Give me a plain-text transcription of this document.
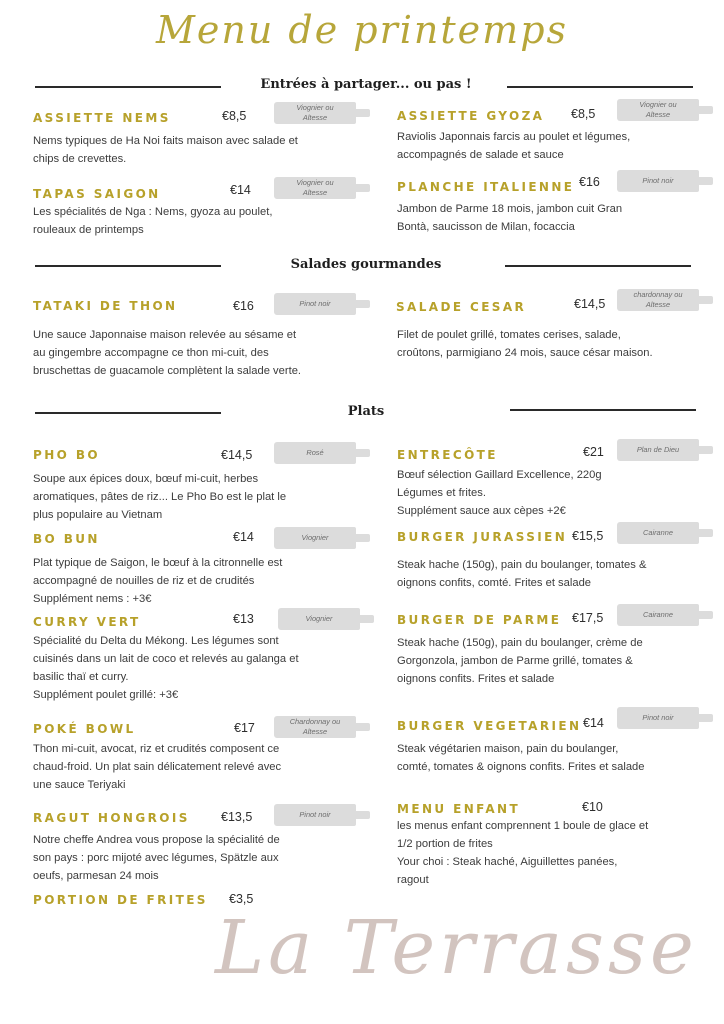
Menu de printemps
Entrées à partager... ou pas !
ASSIETTE NEMS	€8,5
Viognier ou
Altesse
Nems typiques de Ha Noi faits maison avec salade et
chips de crevettes.
ASSIETTE GYOZA €8,5
Viognier ou
Altesse
Raviolis Japonnais farcis au poulet et légumes,
accompagnés de salade et sauce
TAPAS SAIGON	€14
Viognier ou
Altesse
Les spécialités de Nga : Nems, gyoza au poulet,
rouleaux de printemps
PLANCHE ITALIENNE €16	Pinot noir
Jambon de Parme 18 mois, jambon cuit Gran
Bontà, saucisson de Milan, focaccia
Salades gourmandes
TATAKI DE THON	€16	Pinot noir
Une sauce Japonnaise maison relevée au sésame et
au gingembre accompagne ce thon mi-cuit, des
bruschettas de guacamole complètent la salade verte.
SALADE CESAR	€14,5
chardonnay ou
Altesse
Filet de poulet grillé, tomates cerises, salade,
croûtons, parmigiano 24 mois, sauce césar maison.
Plats
PHO BO	€14,5	Rosé
Soupe aux épices doux, bœuf mi-cuit, herbes
aromatiques, pâtes de riz... Le Pho Bo est le plat le
plus populaire au Vietnam
ENTRECÔTE	€21	Plan de Dieu
Bœuf sélection Gaillard Excellence, 220g
Légumes et frites.
Supplément sauce aux cèpes +2€
BO BUN	€14	Viognier
Plat typique de Saigon, le bœuf à la citronnelle est
accompagné de nouilles de riz et de crudités
Supplément nems : +3€
BURGER JURASSIEN €15,5	Cairanne
Steak hache (150g), pain du boulanger, tomates &
oignons confits, comté. Frites et salade
CURRY VERT	€13	Viognier
Spécialité du Delta du Mékong. Les légumes sont
cuisinés dans un lait de coco et relevés au galanga et
basilic thaï et curry.
Supplément poulet grillé: +3€
BURGER DE PARME €17,5	Cairanne
Steak hache (150g), pain du boulanger, crème de
Gorgonzola, jambon de Parme grillé, tomates &
oignons confits. Frites et salade
POKÉ BOWL	€17	Chardonnay ou
Altesse
Thon mi-cuit, avocat, riz et crudités composent ce
chaud-froid. Un plat sain délicatement relevé avec
une sauce Teriyaki
BURGER VEGETARIEN €14	Pinot noir
Steak végétarien maison, pain du boulanger,
comté, tomates & oignons confits. Frites et salade
RAGUT HONGROIS €13,5	Pinot noir
Notre cheffe Andrea vous propose la spécialité de
son pays : porc mijoté avec légumes, Spätzle aux
oeufs, parmesan 24 mois
MENU ENFANT	€10
les menus enfant comprennent 1 boule de glace et
1/2 portion de frites
Your choi : Steak haché, Aiguillettes panées,
ragout
PORTION DE FRITES €3,5
La Terrasse
